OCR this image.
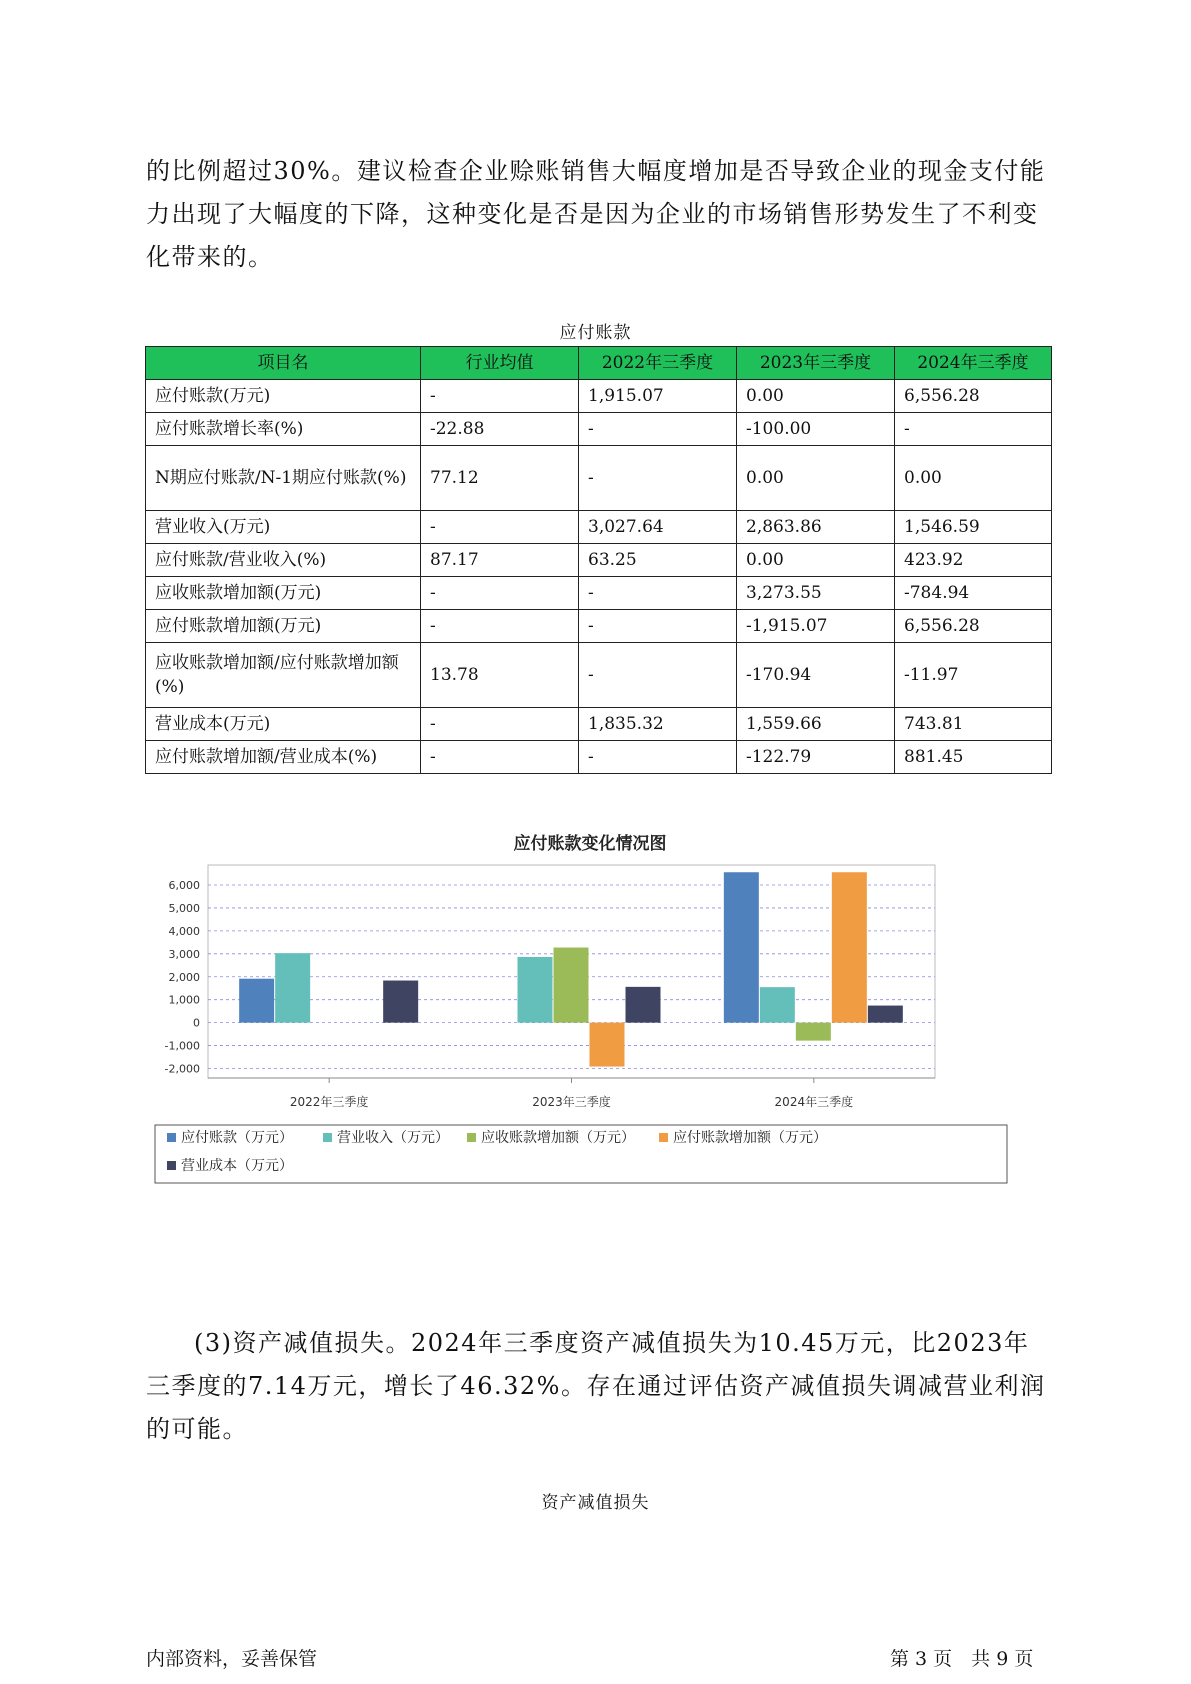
的比例超过30%。建议检查企业赊账销售大幅度增加是否导致企业的现金支付能力出现了大幅度的下降，这种变化是否是因为企业的市场销售形势发生了不利变化带来的。

应付账款
项目名	行业均值	2022年三季度	2023年三季度	2024年三季度
应付账款(万元)	-	1,915.07	0.00	6,556.28
应付账款增长率(%)	-22.88	-	-100.00	-
N期应付账款/N-1期应付账款(%)	77.12	-	0.00	0.00
营业收入(万元)	-	3,027.64	2,863.86	1,546.59
应付账款/营业收入(%)	87.17	63.25	0.00	423.92
应收账款增加额(万元)	-	-	3,273.55	-784.94
应付账款增加额(万元)	-	-	-1,915.07	6,556.28
应收账款增加额/应付账款增加额(%)	13.78	-	-170.94	-11.97
营业成本(万元)	-	1,835.32	1,559.66	743.81
应付账款增加额/营业成本(%)	-	-	-122.79	881.45
应付账款变化情况图
6,000
5,000
4,000
3,000
2,000
1,000
0
-1,000
-2,000
2022年三季度	2023年三季度	2024年三季度
应付账款（万元）	营业收入（万元） 应收账款增加额（万元）	应付账款增加额（万元）
营业成本（万元）

(3)资产减值损失。2024年三季度资产减值损失为10.45万元，比2023年三季度的7.14万元，增长了46.32%。存在通过评估资产减值损失调减营业利润的可能。

资产减值损失
内部资料，妥善保管	第 3 页　共 9 页
